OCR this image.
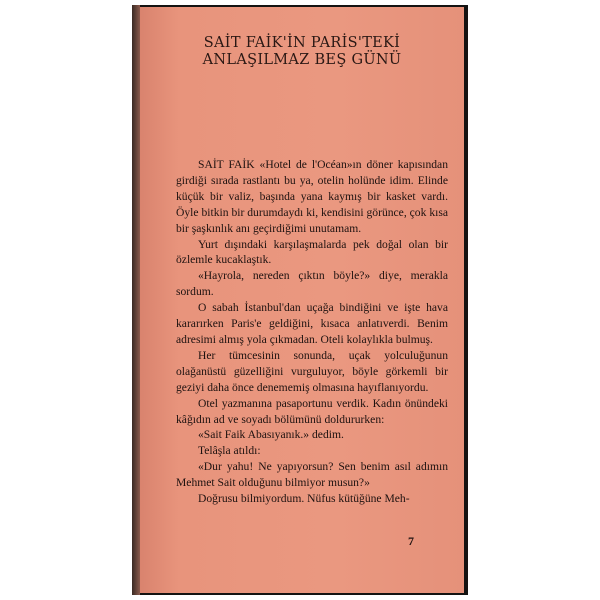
SAİT FAİK'İN PARİS'TEKİ
ANLAŞILMAZ BEŞ GÜNÜ

SAİT FAİK «Hotel de l'Océan»ın döner kapısından girdiği sırada rastlantı bu ya, otelin holünde idim. Elinde küçük bir valiz, başında yana kaymış bir kasket vardı. Öyle bitkin bir durumdaydı ki, kendisini görünce, çok kısa bir şaşkınlık anı geçirdiğimi unutamam.

Yurt dışındaki karşılaşmalarda pek doğal olan bir özlemle kucaklaştık.

«Hayrola, nereden çıktın böyle?» diye, merakla sordum.

O sabah İstanbul'dan uçağa bindiğini ve işte hava kararırken Paris'e geldiğini, kısaca anlatıverdi. Benim adresimi almış yola çıkmadan. Oteli kolaylıkla bulmuş.

Her tümcesinin sonunda, uçak yolculuğunun olağanüstü güzelliğini vurguluyor, böyle görkemli bir geziyi daha önce denememiş olmasına hayıflanıyordu.

Otel yazmanına pasaportunu verdik. Kadın önündeki kâğıdın ad ve soyadı bölümünü doldururken:

«Sait Faik Abasıyanık.» dedim.

Telâşla atıldı:

«Dur yahu! Ne yapıyorsun? Sen benim asıl adımın Mehmet Sait olduğunu bilmiyor musun?»

Doğrusu bilmiyordum. Nüfus kütüğüne Meh-

7
